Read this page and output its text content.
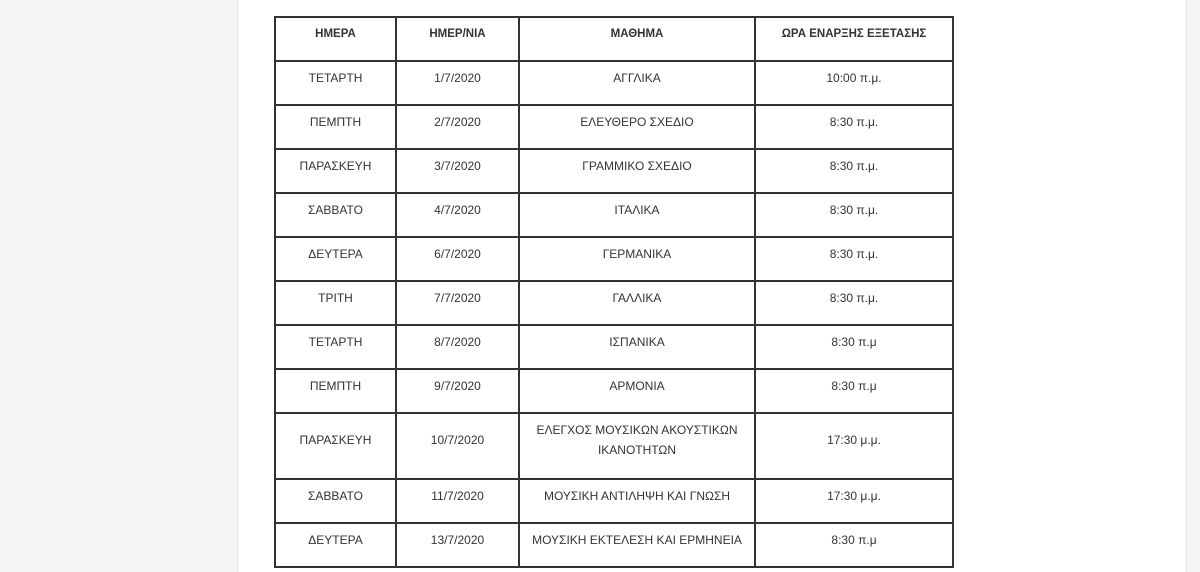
ΗΜΕΡΑ	ΗΜΕΡ/ΝΙΑ	ΜΑΘΗΜΑ	ΩΡΑ ΕΝΑΡΞΗΣ ΕΞΕΤΑΣΗΣ
ΤΕΤΑΡΤΗ	1/7/2020	ΑΓΓΛΙΚΑ	10:00 π.μ.
ΠΕΜΠΤΗ	2/7/2020	ΕΛΕΥΘΕΡΟ ΣΧΕΔΙΟ	8:30 π.μ.
ΠΑΡΑΣΚΕΥΗ	3/7/2020	ΓΡΑΜΜΙΚΟ ΣΧΕΔΙΟ	8:30 π.μ.
ΣΑΒΒΑΤΟ	4/7/2020	ΙΤΑΛΙΚΑ	8:30 π.μ.
ΔΕΥΤΕΡΑ	6/7/2020	ΓΕΡΜΑΝΙΚΑ	8:30 π.μ.
ΤΡΙΤΗ	7/7/2020	ΓΑΛΛΙΚΑ	8:30 π.μ.
ΤΕΤΑΡΤΗ	8/7/2020	ΙΣΠΑΝΙΚΑ	8:30 π.μ
ΠΕΜΠΤΗ	9/7/2020	ΑΡΜΟΝΙΑ	8:30 π.μ
ΠΑΡΑΣΚΕΥΗ	10/7/2020	ΕΛΕΓΧΟΣ ΜΟΥΣΙΚΩΝ ΑΚΟΥΣΤΙΚΩΝ ΙΚΑΝΟΤΗΤΩΝ	17:30 μ.μ.
ΣΑΒΒΑΤΟ	11/7/2020	ΜΟΥΣΙΚΗ ΑΝΤΙΛΗΨΗ ΚΑΙ ΓΝΩΣΗ	17:30 μ.μ.
ΔΕΥΤΕΡΑ	13/7/2020	ΜΟΥΣΙΚΗ ΕΚΤΕΛΕΣΗ ΚΑΙ ΕΡΜΗΝΕΙΑ	8:30 π.μ
